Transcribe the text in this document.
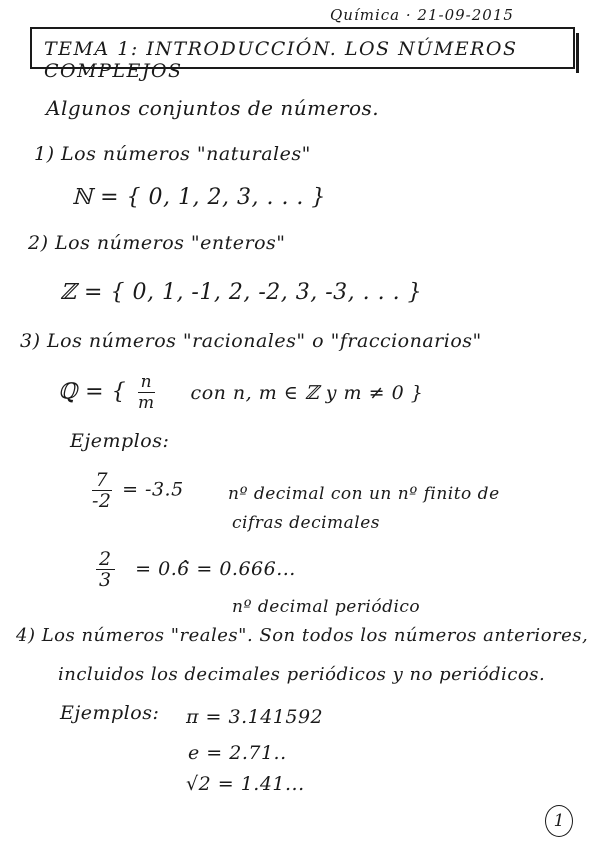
Química · 21-09-2015
TEMA 1: INTRODUCCIÓN. LOS NÚMEROS COMPLEJOS
Algunos conjuntos de números.
1) Los números "naturales"
ℕ = { 0, 1, 2, 3, . . . }
2) Los números "enteros"
ℤ = { 0, 1, -1, 2, -2, 3, -3, . . . }
3) Los números "racionales" o "fraccionarios"
ℚ = { $\frac{n}{m}$ con n, m ∈ ℤ y m ≠ 0 }
Ejemplos:
$\frac{7}{-2} = -3.5$	nº decimal con un nº finito de
cifras decimales
$\frac{2}{3}$ = 0.6̂ = 0.666...
nº decimal periódico
4) Los números "reales". Son todos los números anteriores,
incluidos los decimales periódicos y no periódicos.
Ejemplos: π = 3.141592
e = 2.71..
√2 = 1.41...
1
